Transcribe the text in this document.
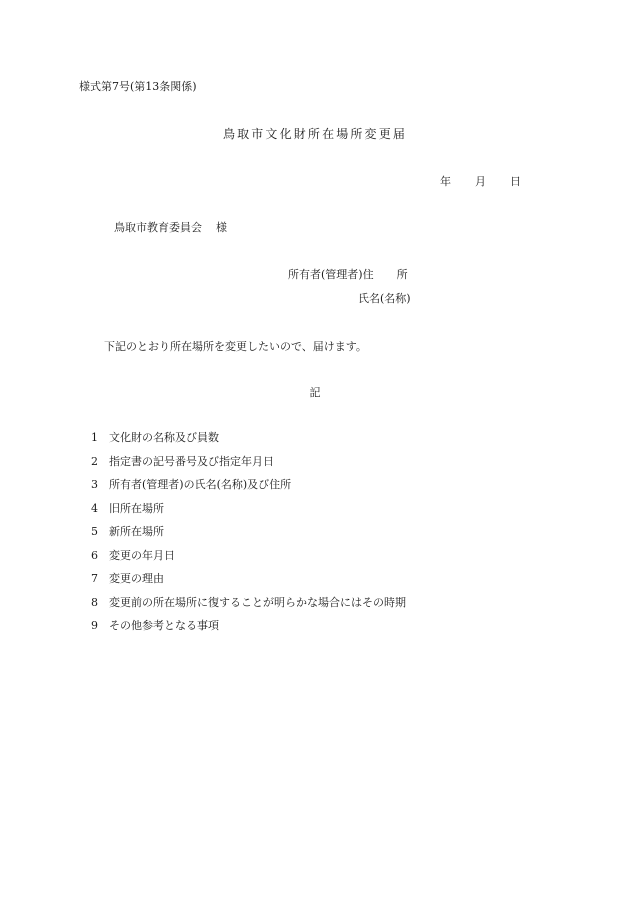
様式第7号(第13条関係)
鳥取市文化財所在場所変更届
年 月 日
鳥取市教育委員会 様
所有者(管理者)住 所
氏名(名称)
下記のとおり所在場所を変更したいので、届けます。
記
1 文化財の名称及び員数
2 指定書の記号番号及び指定年月日
3 所有者(管理者)の氏名(名称)及び住所
4 旧所在場所
5 新所在場所
6 変更の年月日
7 変更の理由
8 変更前の所在場所に復することが明らかな場合にはその時期
9 その他参考となる事項
